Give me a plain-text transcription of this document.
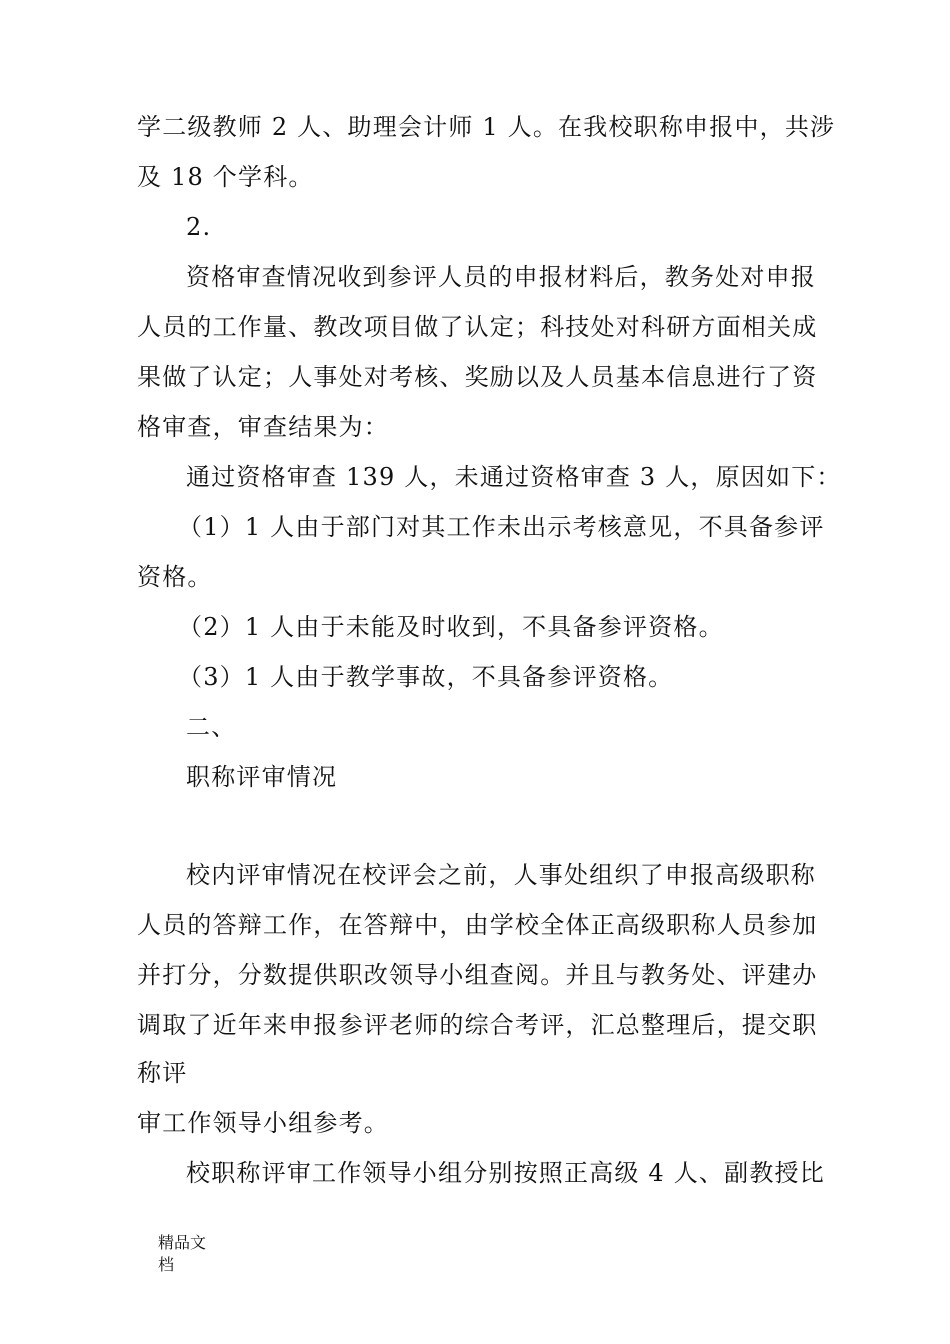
学二级教师 2 人、助理会计师 1 人。在我校职称申报中，共涉
及 18 个学科。
2.
资格审查情况收到参评人员的申报材料后，教务处对申报
人员的工作量、教改项目做了认定；科技处对科研方面相关成
果做了认定；人事处对考核、奖励以及人员基本信息进行了资
格审查，审查结果为：
通过资格审查 139 人，未通过资格审查 3 人，原因如下：
（1）1 人由于部门对其工作未出示考核意见，不具备参评
资格。
（2）1 人由于未能及时收到，不具备参评资格。
（3）1 人由于教学事故，不具备参评资格。
二、
职称评审情况
校内评审情况在校评会之前，人事处组织了申报高级职称
人员的答辩工作，在答辩中，由学校全体正高级职称人员参加
并打分，分数提供职改领导小组查阅。并且与教务处、评建办
调取了近年来申报参评老师的综合考评，汇总整理后，提交职
称评
审工作领导小组参考。
校职称评审工作领导小组分别按照正高级 4 人、副教授比
精品文档
